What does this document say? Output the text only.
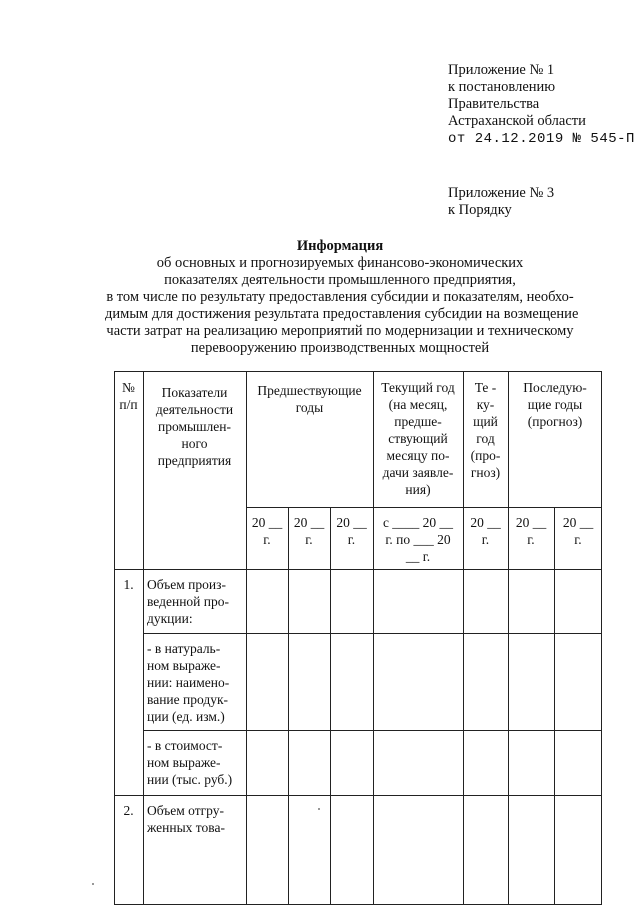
Приложение № 1
к постановлению
Правительства
Астраханской области
от 24.12.2019 № 545-П
Приложение № 3
к Порядку
Информация
об основных и прогнозируемых финансово-экономических
показателях деятельности промышленного предприятия,
в том числе по результату предоставления субсидии и показателям, необхо-
димым для достижения результата предоставления субсидии на возмещение
части затрат на реализацию мероприятий по модернизации и техническому
перевооружению производственных мощностей
№
п/п
Показатели
деятельности
промышлен-
ного
предприятия
Предшествующие
годы
Текущий год
(на месяц,
предше-
ствующий
месяцу по-
дачи заявле-
ния)
Те -
ку-
щий
год
(про-
гноз)
Последую-
щие годы
(прогноз)
20 __
г.
20 __
г.
20 __
г.
с ____ 20 __
г. по ___ 20
__ г.
20 __
г.
20 __
г.
20 __
г.
1. Объем произ-
веденной про-
дукции:
- в натураль-
ном выраже-
нии: наимено-
вание продук-
ции (ед. изм.)
- в стоимост-
ном выраже-
нии (тыс. руб.)
2. Объем отгру-
женных това-
